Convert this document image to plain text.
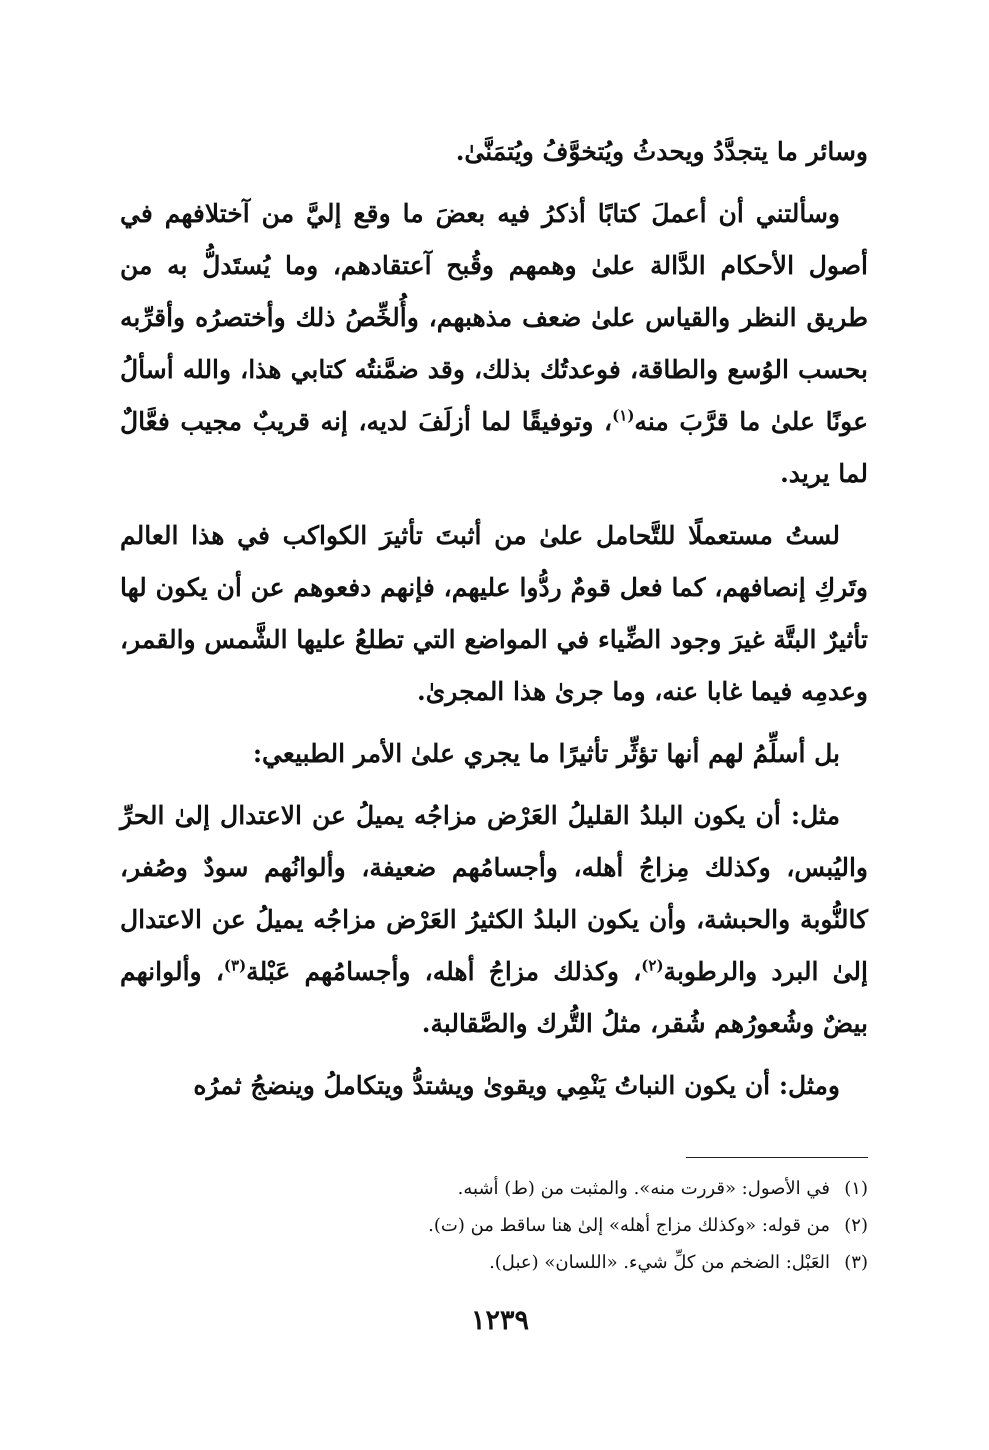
وسائر ما يتجدَّدُ ويحدثُ ويُتخوَّفُ ويُتمَنَّىٰ.

وسألتني أن أعملَ كتابًا أذكرُ فيه بعضَ ما وقع إليَّ من آختلافهم في أصول الأحكام الدَّالة علىٰ وهمهم وقُبح آعتقادهم، وما يُستَدلُّ به من طريق النظر والقياس علىٰ ضعف مذهبهم، وأُلخِّصُ ذلك وأختصرُه وأقرِّبه بحسب الوُسع والطاقة، فوعدتُك بذلك، وقد ضمَّنتُه كتابي هذا، والله أسألُ عونًا علىٰ ما قرَّبَ منه$^{(١)}$، وتوفيقًا لما أزلَفَ لديه، إنه قريبٌ مجيب فعَّالٌ لما يريد.

لستُ مستعملًا للتَّحامل علىٰ من أثبتَ تأثيرَ الكواكب في هذا العالم وتَركِ إنصافهم، كما فعل قومٌ ردُّوا عليهم، فإنهم دفعوهم عن أن يكون لها تأثيرٌ البتَّة غيرَ وجود الضِّياء في المواضع التي تطلعُ عليها الشَّمس والقمر، وعدمِه فيما غابا عنه، وما جرىٰ هذا المجرىٰ.

بل أسلِّمُ لهم أنها تؤثِّر تأثيرًا ما يجري علىٰ الأمر الطبيعي:

مثل: أن يكون البلدُ القليلُ العَرْض مزاجُه يميلُ عن الاعتدال إلىٰ الحرِّ واليُبس، وكذلك مِزاجُ أهله، وأجسامُهم ضعيفة، وألوانُهم سودٌ وصُفر، كالنُّوبة والحبشة، وأن يكون البلدُ الكثيرُ العَرْض مزاجُه يميلُ عن الاعتدال إلىٰ البرد والرطوبة$^{(٢)}$، وكذلك مزاجُ أهله، وأجسامُهم عَبْلة$^{(٣)}$، وألوانهم بيضٌ وشُعورُهم شُقر، مثلُ التُّرك والصَّقالبة.

ومثل: أن يكون النباتُ يَنْمِي ويقوىٰ ويشتدُّ ويتكاملُ وينضجُ ثمرُه

(١)
في الأصول: «قررت منه». والمثبت من (ط) أشبه.
(٢)
من قوله: «وكذلك مزاج أهله» إلىٰ هنا ساقط من (ت).
(٣)
العَبْل: الضخم من كلِّ شيء. «اللسان» (عبل).
١٢٣٩
